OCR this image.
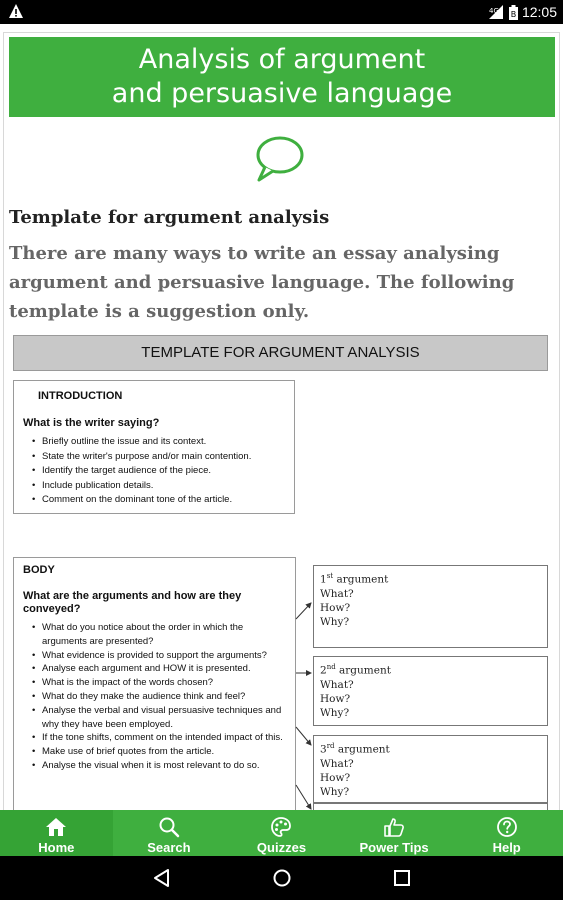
4G B 12:05
Analysis of argument
and persuasive language
Template for argument analysis

There are many ways to write an essay analysing argument and persuasive language. The following template is a suggestion only.

TEMPLATE FOR ARGUMENT ANALYSIS
INTRODUCTION
What is the writer saying?
• Briefly outline the issue and its context.
• State the writer's purpose and/or main contention.
• Identify the target audience of the piece.
• Include publication details.
• Comment on the dominant tone of the article.
BODY
What are the arguments and how are they conveyed?
• What do you notice about the order in which the arguments are presented?
• What evidence is provided to support the arguments?
• Analyse each argument and HOW it is presented.
• What is the impact of the words chosen?
• What do they make the audience think and feel?
• Analyse the verbal and visual persuasive techniques and why they have been employed.
• If the tone shifts, comment on the intended impact of this.
• Make use of brief quotes from the article.
• Analyse the visual when it is most relevant to do so.
1st argument
What?
How?
Why?
2nd argument
What?
How?
Why?
3rd argument
What?
How?
Why?
Home	Search	Quizzes	Power Tips	Help
